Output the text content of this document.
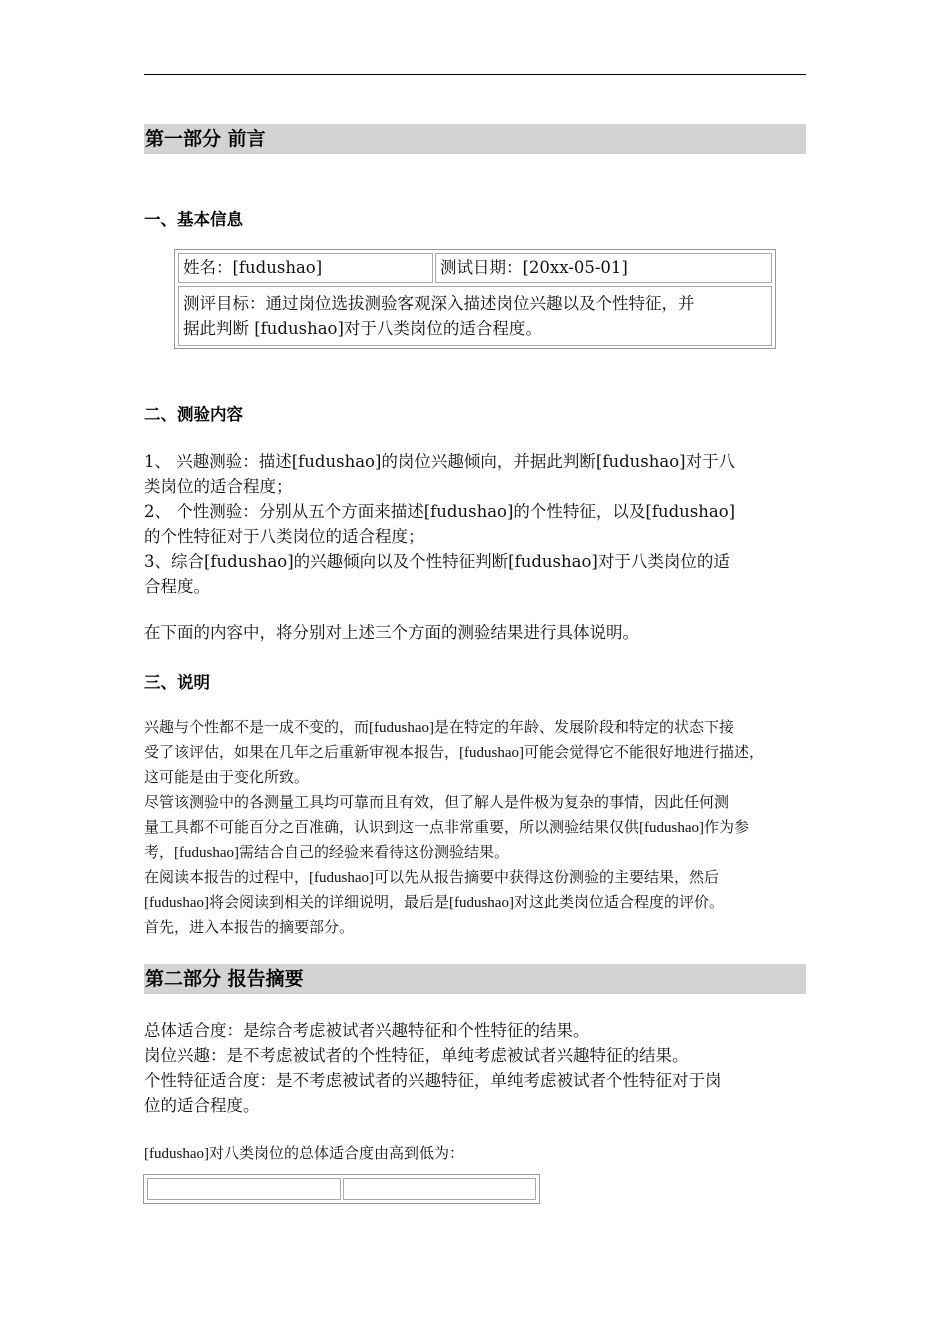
第一部分 前言
一、基本信息
姓名：[fudushao]	测试日期：[20xx-05-01]
测评目标：通过岗位选拔测验客观深入描述岗位兴趣以及个性特征，并
据此判断 [fudushao]对于八类岗位的适合程度。
二、测验内容
1、 兴趣测验：描述[fudushao]的岗位兴趣倾向，并据此判断[fudushao]对于八
类岗位的适合程度；
2、 个性测验：分别从五个方面来描述[fudushao]的个性特征，以及[fudushao]
的个性特征对于八类岗位的适合程度；
3、综合[fudushao]的兴趣倾向以及个性特征判断[fudushao]对于八类岗位的适
合程度。
在下面的内容中，将分别对上述三个方面的测验结果进行具体说明。
三、说明
兴趣与个性都不是一成不变的，而[fudushao]是在特定的年龄、发展阶段和特定的状态下接
受了该评估，如果在几年之后重新审视本报告，[fudushao]可能会觉得它不能很好地进行描述，
这可能是由于变化所致。
尽管该测验中的各测量工具均可靠而且有效，但了解人是件极为复杂的事情，因此任何测
量工具都不可能百分之百准确，认识到这一点非常重要，所以测验结果仅供[fudushao]作为参
考，[fudushao]需结合自己的经验来看待这份测验结果。
在阅读本报告的过程中，[fudushao]可以先从报告摘要中获得这份测验的主要结果，然后
[fudushao]将会阅读到相关的详细说明，最后是[fudushao]对这此类岗位适合程度的评价。
首先，进入本报告的摘要部分。
第二部分 报告摘要
总体适合度：是综合考虑被试者兴趣特征和个性特征的结果。
岗位兴趣：是不考虑被试者的个性特征，单纯考虑被试者兴趣特征的结果。
个性特征适合度：是不考虑被试者的兴趣特征，单纯考虑被试者个性特征对于岗
位的适合程度。
[fudushao]对八类岗位的总体适合度由高到低为：
